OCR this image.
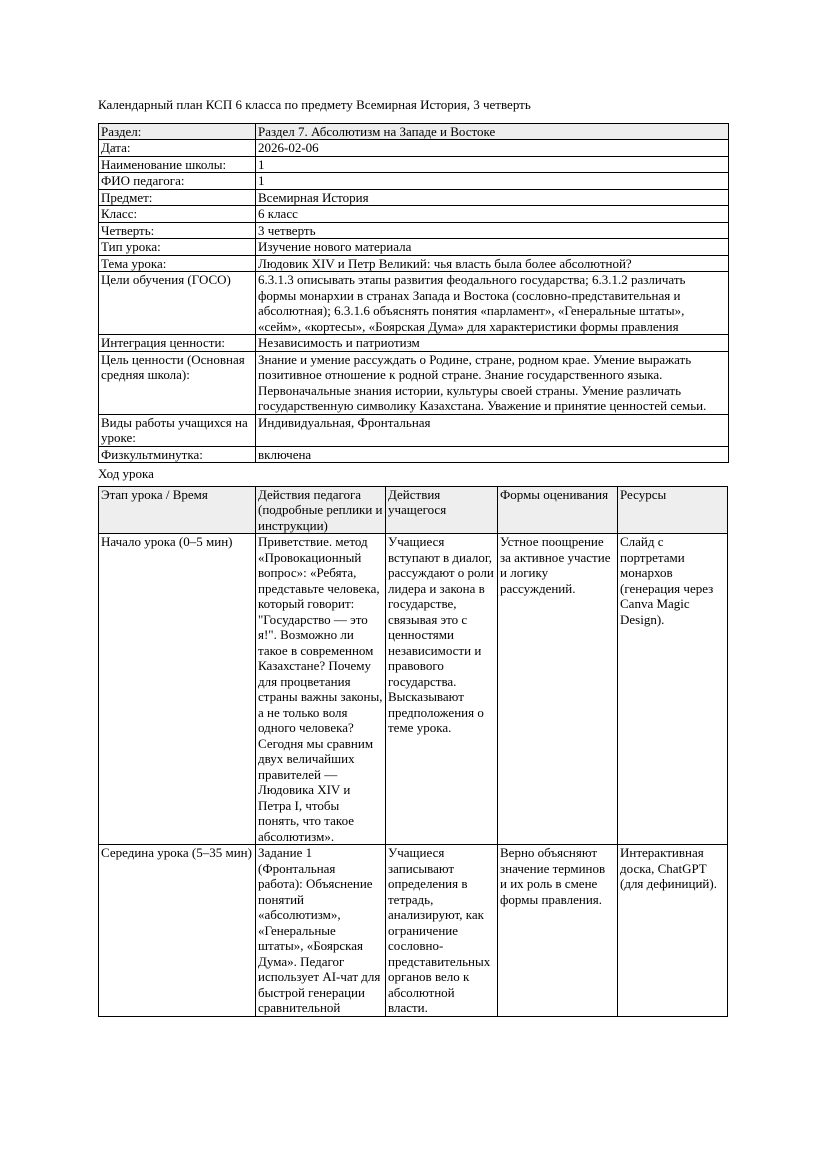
Календарный план КСП 6 класса по предмету Всемирная История, 3 четверть

Раздел:	Раздел 7. Абсолютизм на Западе и Востоке
Дата:	2026-02-06
Наименование школы:	1
ФИО педагога:	1
Предмет:	Всемирная История
Класс:	6 класс
Четверть:	3 четверть
Тип урока:	Изучение нового материала
Тема урока:	Людовик XIV и Петр Великий: чья власть была более абсолютной?
Цели обучения (ГОСО)	6.3.1.3 описывать этапы развития феодального государства; 6.3.1.2 различать формы монархии в странах Запада и Востока (сословно-представительная и абсолютная); 6.3.1.6 объяснять понятия «парламент», «Генеральные штаты», «сейм», «кортесы», «Боярская Дума» для характеристики формы правления
Интеграция ценности:	Независимость и патриотизм
Цель ценности (Основная средняя школа):	Знание и умение рассуждать о Родине, стране, родном крае. Умение выражать позитивное отношение к родной стране. Знание государственного языка. Первоначальные знания истории, культуры своей страны. Умение различать государственную символику Казахстана. Уважение и принятие ценностей семьи.
Виды работы учащихся на уроке:	Индивидуальная, Фронтальная
Физкультминутка:	включена

Ход урока

Этап урока / Время	Действия педагога (подробные реплики и инструкции)	Действия учащегося	Формы оценивания	Ресурсы
Начало урока (0–5 мин)	Приветствие. метод «Провокационный вопрос»: «Ребята, представьте человека, который говорит: "Государство — это я!". Возможно ли такое в современном Казахстане? Почему для процветания страны важны законы, а не только воля одного человека? Сегодня мы сравним двух величайших правителей — Людовика XIV и Петра I, чтобы понять, что такое абсолютизм».	Учащиеся вступают в диалог, рассуждают о роли лидера и закона в государстве, связывая это с ценностями независимости и правового государства. Высказывают предположения о теме урока.	Устное поощрение за активное участие и логику рассуждений.	Слайд с портретами монархов (генерация через Canva Magic Design).
Середина урока (5–35 мин)	Задание 1 (Фронтальная работа): Объяснение понятий «абсолютизм», «Генеральные штаты», «Боярская Дума». Педагог использует AI-чат для быстрой генерации сравнительной	Учащиеся записывают определения в тетрадь, анализируют, как ограничение сословно-представительных органов вело к абсолютной власти.	Верно объясняют значение терминов и их роль в смене формы правления.	Интерактивная доска, ChatGPT (для дефиниций).
